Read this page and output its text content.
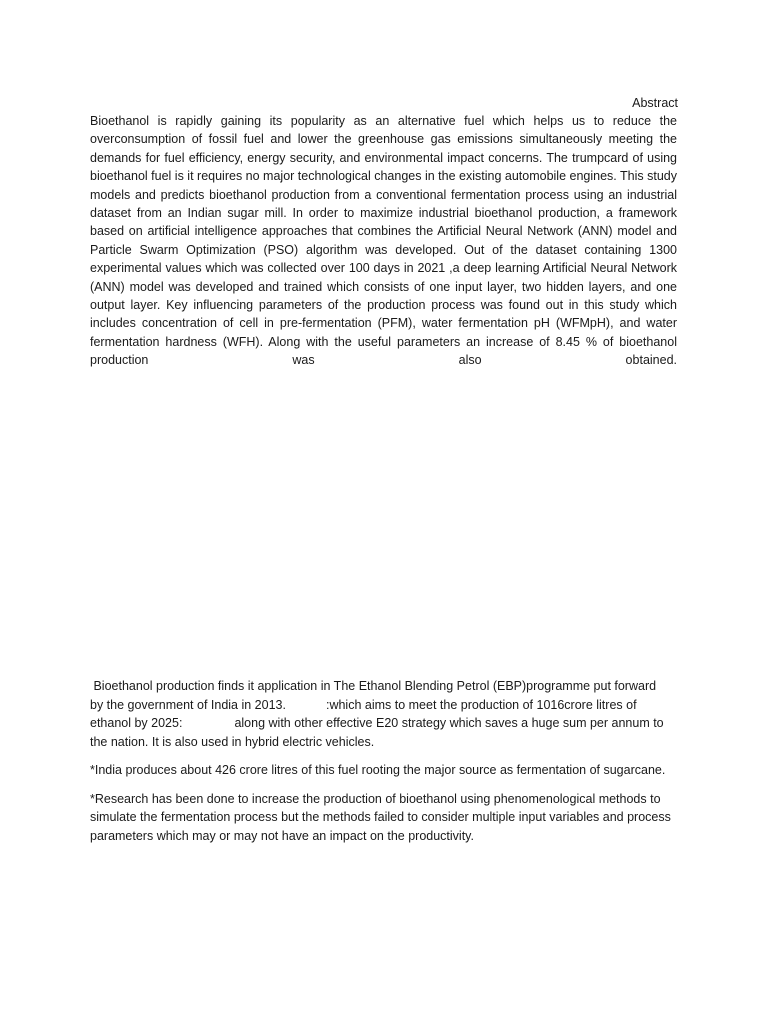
Abstract

Bioethanol is rapidly gaining its popularity as an alternative fuel which helps us to reduce the overconsumption of fossil fuel and lower the greenhouse gas emissions simultaneously meeting the demands for fuel efficiency, energy security, and environmental impact concerns. The trumpcard of using bioethanol fuel is it requires no major technological changes in the existing automobile engines. This study models and predicts bioethanol production from a conventional fermentation process using an industrial dataset from an Indian sugar mill. In order to maximize industrial bioethanol production, a framework based on artificial intelligence approaches that combines the Artificial Neural Network (ANN) model and Particle Swarm Optimization (PSO) algorithm was developed. Out of the dataset containing 1300 experimental values which was collected over 100 days in 2021 ,a deep learning Artificial Neural Network (ANN) model was developed and trained which consists of one input layer, two hidden layers, and one output layer. Key influencing parameters of the production process was found out in this study which includes concentration of cell in pre-fermentation (PFM), water fermentation pH (WFMpH), and water fermentation hardness (WFH). Along with the useful parameters an increase of 8.45 % of bioethanol production was also obtained.

Bioethanol production finds it application in The Ethanol Blending Petrol (EBP)programme put forward
by the government of India in 2013.	:which aims to meet the production of 1016crore litres of
ethanol by 2025:	along with other effective E20 strategy which saves a huge sum per annum to
the nation. It is also used in hybrid electric vehicles.

*India produces about 426 crore litres of this fuel rooting the major source as fermentation of sugarcane.

*Research has been done to increase the production of bioethanol using phenomenological methods to simulate the fermentation process but the methods failed to consider multiple input variables and process parameters which may or may not have an impact on the productivity.
